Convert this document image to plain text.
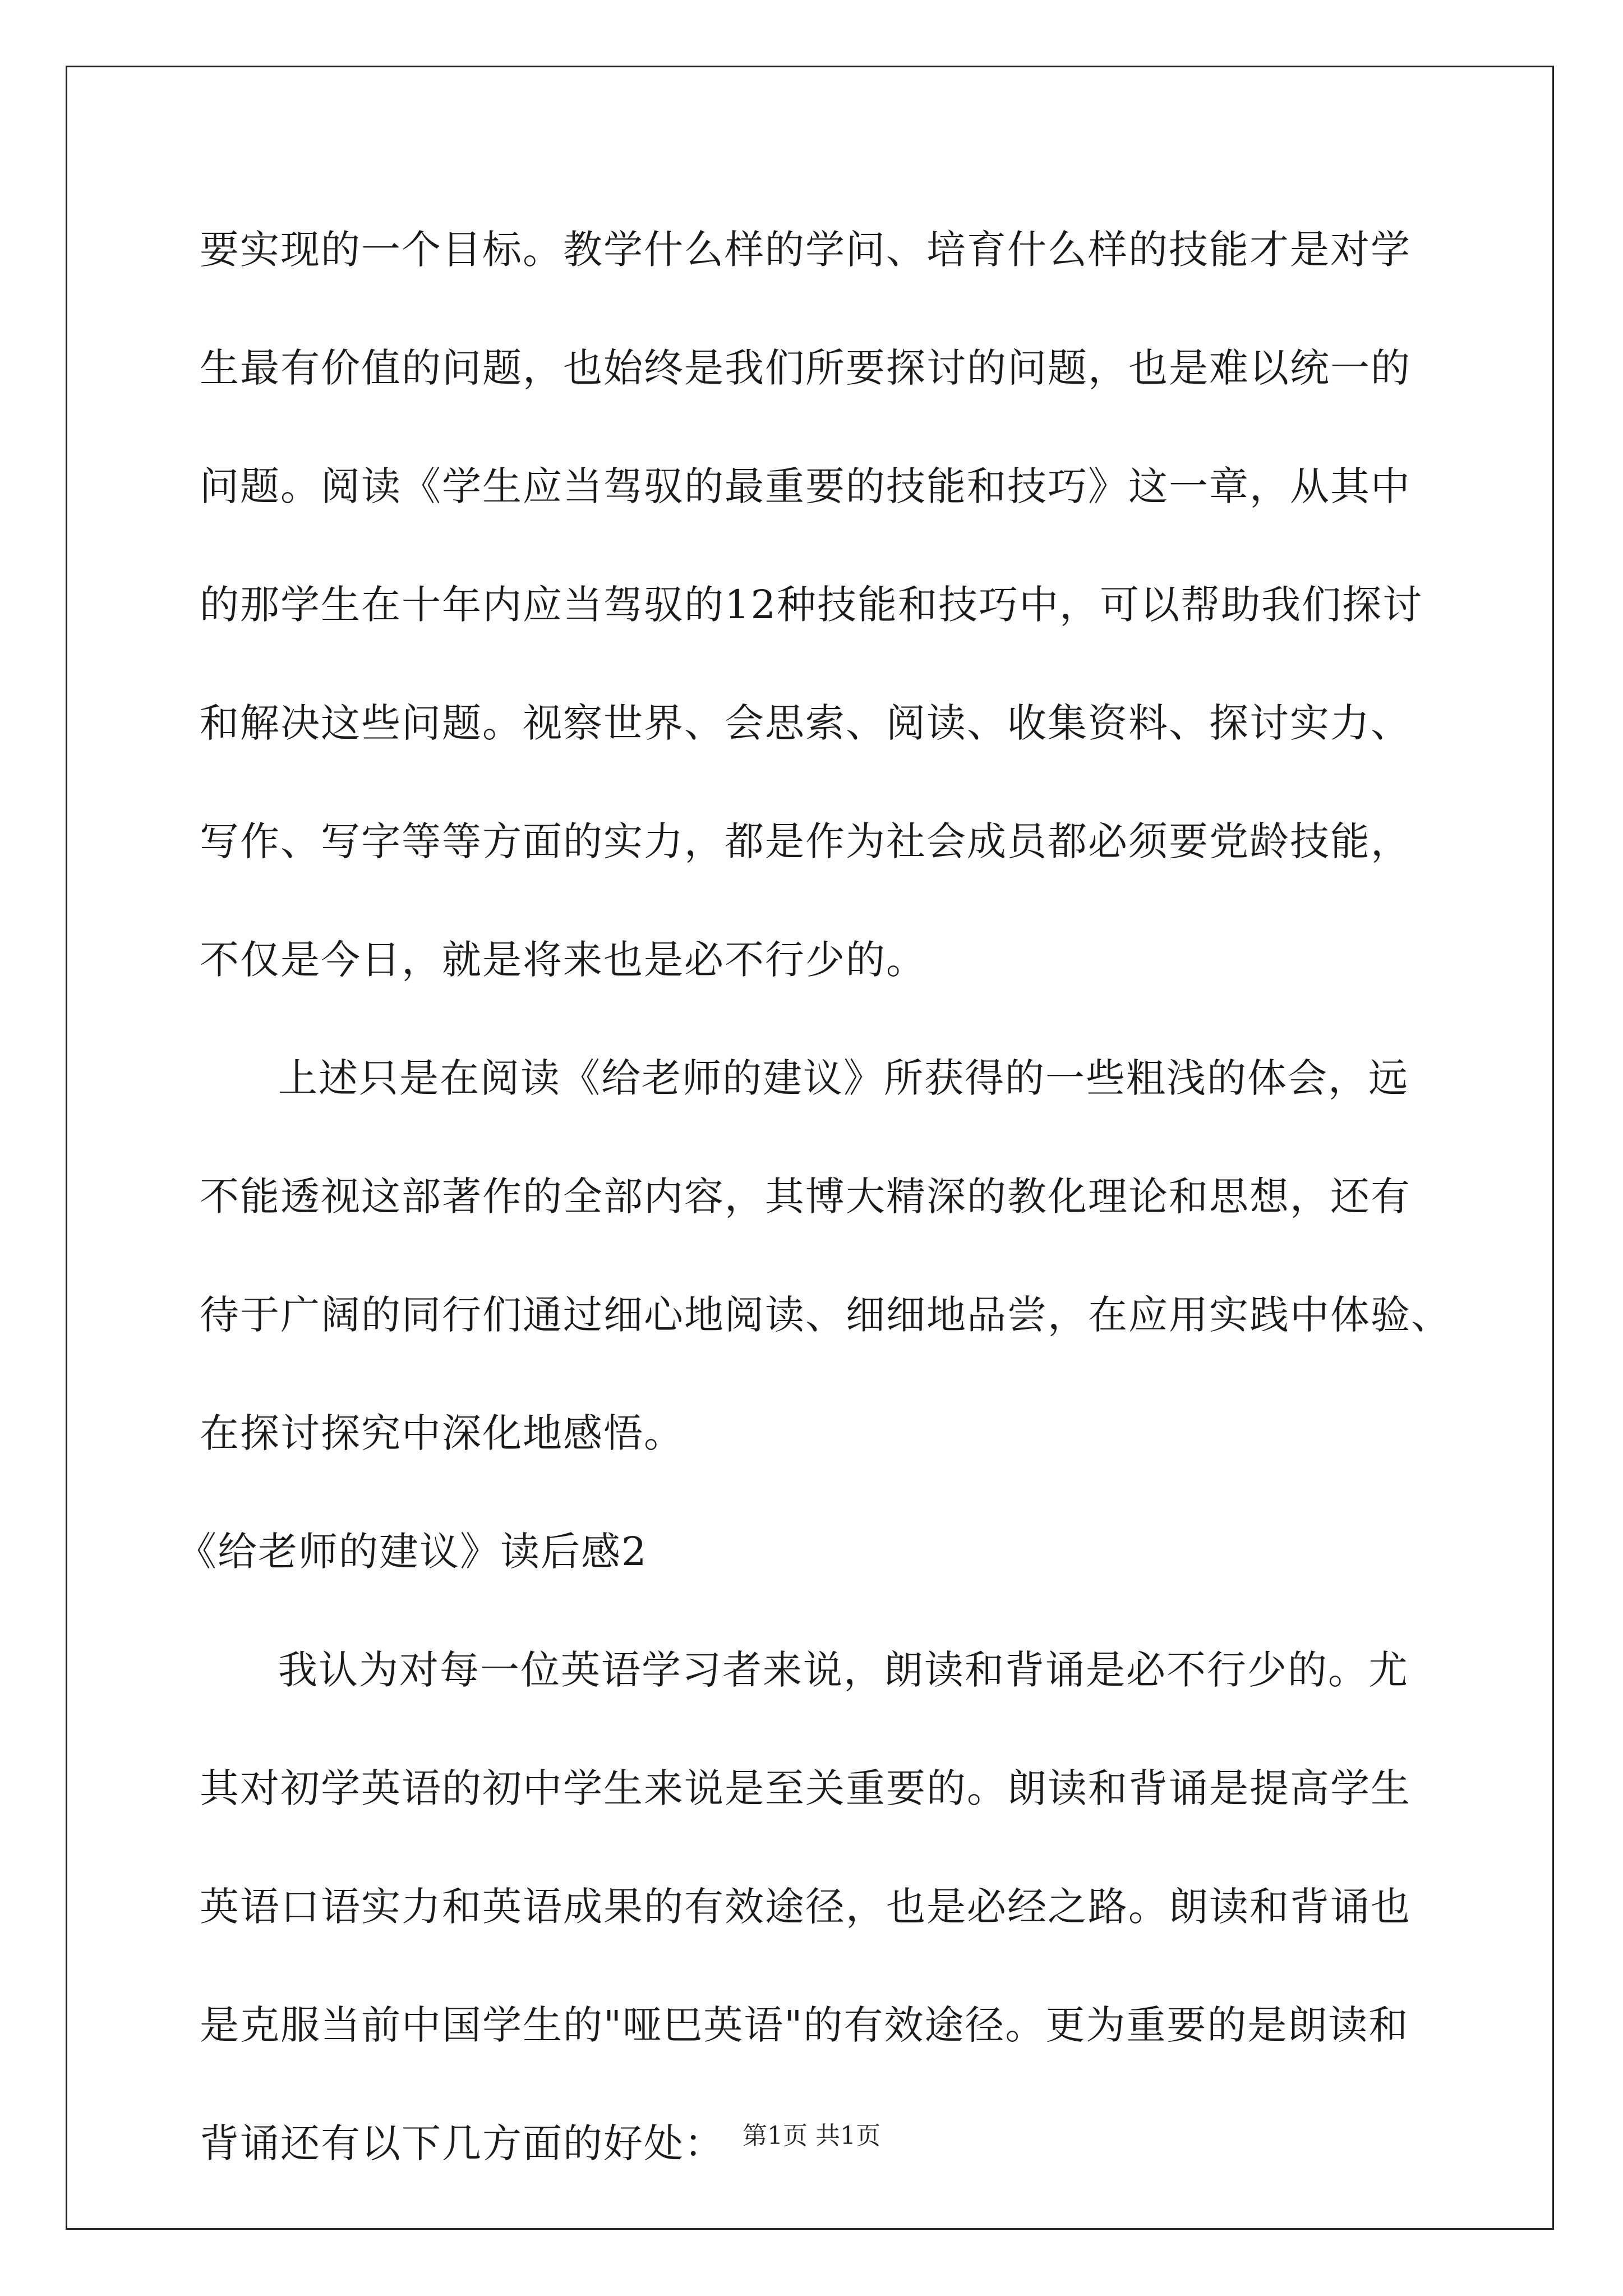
要实现的一个目标。教学什么样的学问、培育什么样的技能才是对学
生最有价值的问题，也始终是我们所要探讨的问题，也是难以统一的
问题。阅读《学生应当驾驭的最重要的技能和技巧》这一章，从其中
的那学生在十年内应当驾驭的12种技能和技巧中，可以帮助我们探讨
和解决这些问题。视察世界、会思索、阅读、收集资料、探讨实力、
写作、写字等等方面的实力，都是作为社会成员都必须要党龄技能，
不仅是今日，就是将来也是必不行少的。
上述只是在阅读《给老师的建议》所获得的一些粗浅的体会，远
不能透视这部著作的全部内容，其博大精深的教化理论和思想，还有
待于广阔的同行们通过细心地阅读、细细地品尝，在应用实践中体验、
在探讨探究中深化地感悟。
《给老师的建议》读后感2
我认为对每一位英语学习者来说，朗读和背诵是必不行少的。尤
其对初学英语的初中学生来说是至关重要的。朗读和背诵是提高学生
英语口语实力和英语成果的有效途径，也是必经之路。朗读和背诵也
是克服当前中国学生的"哑巴英语"的有效途径。更为重要的是朗读和
背诵还有以下几方面的好处： 第1页 共1页
